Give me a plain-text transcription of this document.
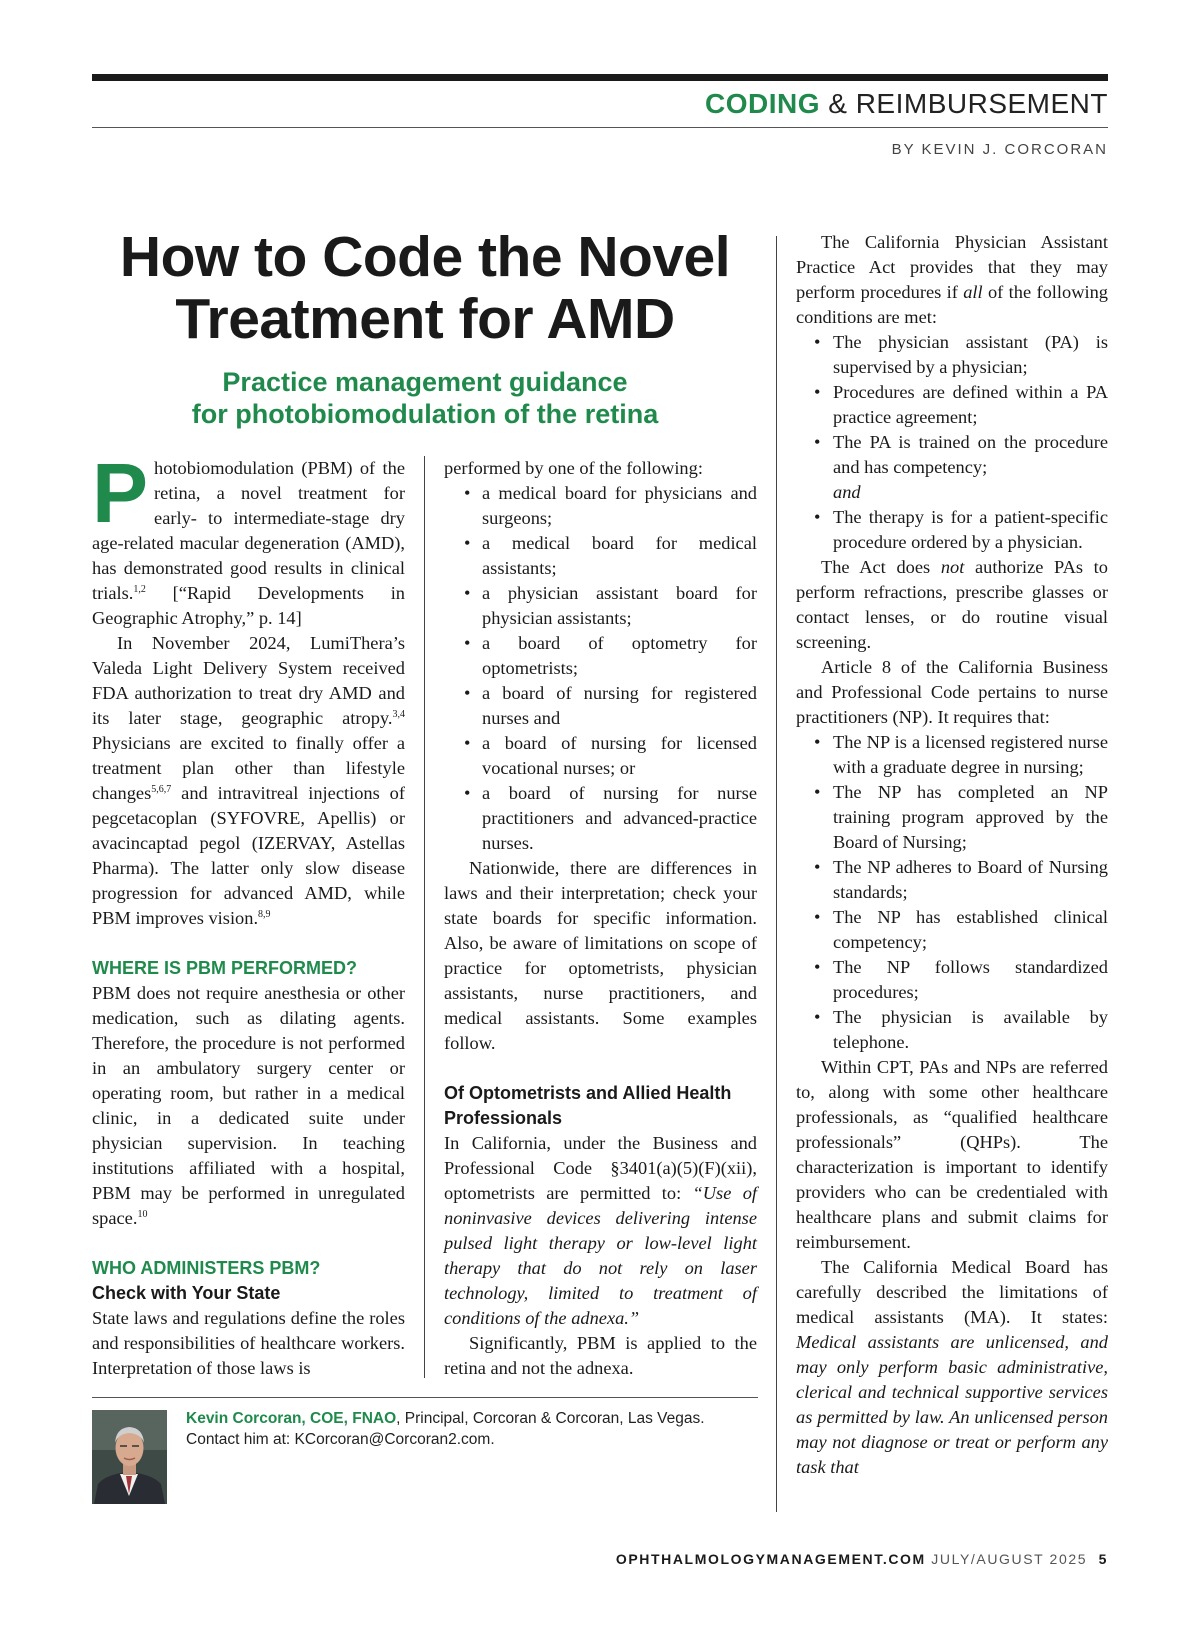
CODING & REIMBURSEMENT
BY KEVIN J. CORCORAN
How to Code the Novel
Treatment for AMD
Practice management guidance
for photobiomodulation of the retina

Photobiomodulation (PBM) of the retina, a novel treatment for early- to intermediate-stage dry age-related macular degeneration (AMD), has demonstrated good results in clinical trials.$^{1,2}$ [“Rapid Developments in Geographic Atrophy,” p. 14]

In November 2024, LumiThera’s Valeda Light Delivery System received FDA authorization to treat dry AMD and its later stage, geographic atropy.$^{3,4}$ Physicians are excited to finally offer a treatment plan other than lifestyle changes$^{5,6,7}$ and intravitreal injections of pegcetacoplan (SYFOVRE, Apellis) or avacincaptad pegol (IZERVAY, Astellas Pharma). The latter only slow disease progression for advanced AMD, while PBM improves vision.$^{8,9}$

WHERE IS PBM PERFORMED?

PBM does not require anesthesia or other medication, such as dilating agents. Therefore, the procedure is not performed in an ambulatory surgery center or operating room, but rather in a medical clinic, in a dedicated suite under physician supervision. In teaching institutions affiliated with a hospital, PBM may be performed in unregulated space.$^{10}$

WHO ADMINISTERS PBM?
Check with Your State

State laws and regulations define the roles and responsibilities of healthcare workers. Interpretation of those laws is

performed by one of the following:

• a medical board for physicians and surgeons;
• a medical board for medical assistants;
• a physician assistant board for physician assistants;
• a board of optometry for optometrists;
• a board of nursing for registered nurses and
• a board of nursing for licensed vocational nurses; or
• a board of nursing for nurse practitioners and advanced-practice nurses.

Nationwide, there are differences in laws and their interpretation; check your state boards for specific information. Also, be aware of limitations on scope of practice for optometrists, physician assistants, nurse practitioners, and medical assistants. Some examples follow.

Of Optometrists and Allied Health Professionals

In California, under the Business and Professional Code §3401(a)(5)(F)(xii), optometrists are permitted to: “Use of noninvasive devices delivering intense pulsed light therapy or low-level light therapy that do not rely on laser technology, limited to treatment of conditions of the adnexa.”

Significantly, PBM is applied to the retina and not the adnexa.

The California Physician Assistant Practice Act provides that they may perform procedures if all of the following conditions are met:

• The physician assistant (PA) is supervised by a physician;
• Procedures are defined within a PA practice agreement;
• The PA is trained on the procedure and has competency;
and
• The therapy is for a patient-specific procedure ordered by a physician.

The Act does not authorize PAs to perform refractions, prescribe glasses or contact lenses, or do routine visual screening.

Article 8 of the California Business and Professional Code pertains to nurse practitioners (NP). It requires that:

• The NP is a licensed registered nurse with a graduate degree in nursing;
• The NP has completed an NP training program approved by the Board of Nursing;
• The NP adheres to Board of Nursing standards;
• The NP has established clinical competency;
• The NP follows standardized procedures;
• The physician is available by telephone.

Within CPT, PAs and NPs are referred to, along with some other healthcare professionals, as “qualified healthcare professionals” (QHPs). The characterization is important to identify providers who can be credentialed with healthcare plans and submit claims for reimbursement.

The California Medical Board has carefully described the limitations of medical assistants (MA). It states: Medical assistants are unlicensed, and may only perform basic administrative, clerical and technical supportive services as permitted by law. An unlicensed person may not diagnose or treat or perform any task that

Kevin Corcoran, COE, FNAO, Principal, Corcoran & Corcoran, Las Vegas.
Contact him at: KCorcoran@Corcoran2.com.
OPHTHALMOLOGYMANAGEMENT.COM JULY/AUGUST 2025 5
